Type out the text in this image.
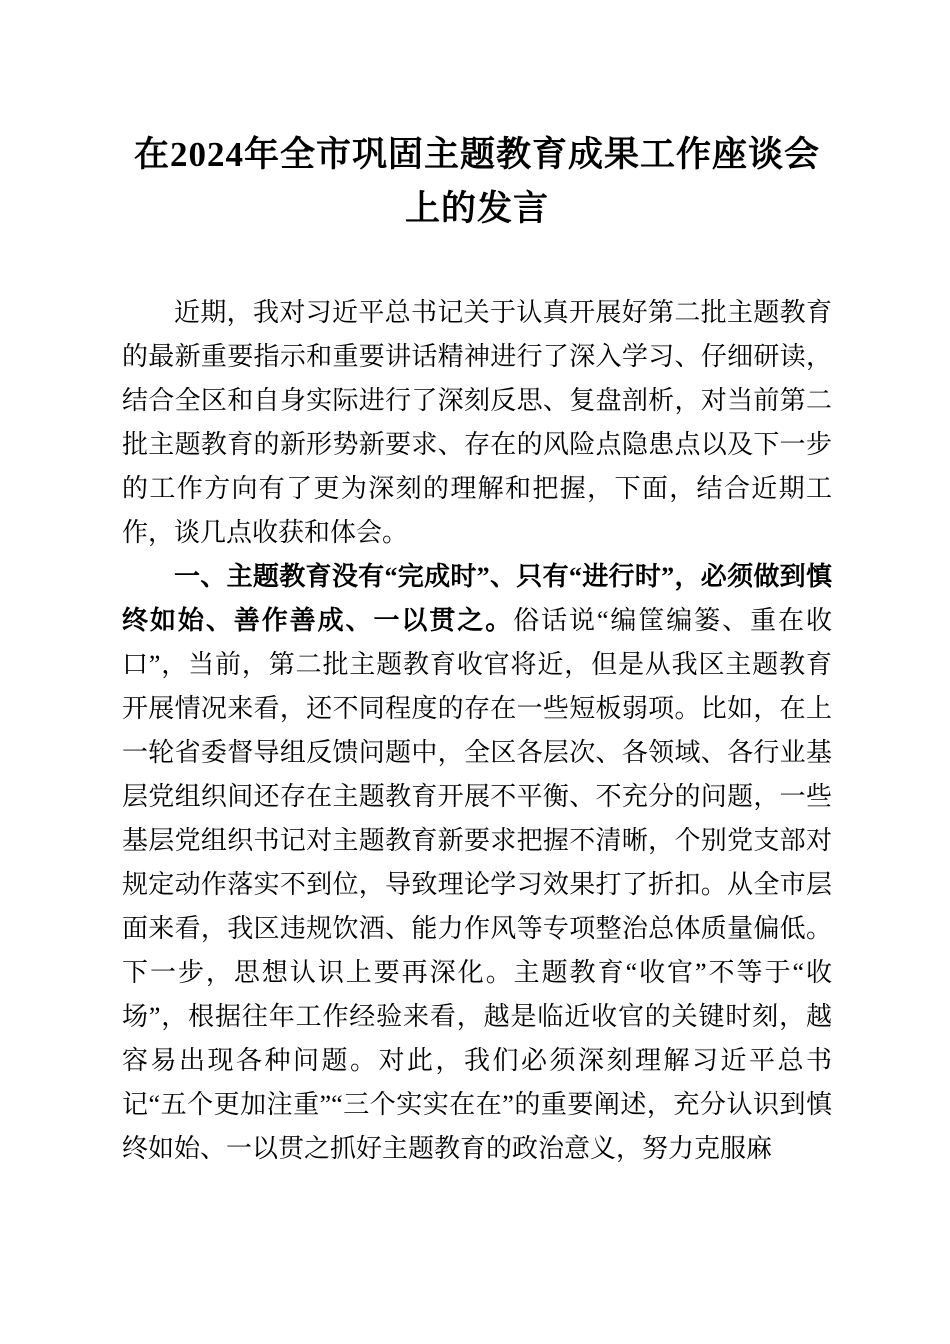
在2024年全市巩固主题教育成果工作座谈会上的发言

近期，我对习近平总书记关于认真开展好第二批主题教育的最新重要指示和重要讲话精神进行了深入学习、仔细研读，结合全区和自身实际进行了深刻反思、复盘剖析，对当前第二批主题教育的新形势新要求、存在的风险点隐患点以及下一步的工作方向有了更为深刻的理解和把握，下面，结合近期工作，谈几点收获和体会。

一、主题教育没有“完成时”、只有“进行时”，必须做到慎终如始、善作善成、一以贯之。俗话说“编筐编篓、重在收口”，当前，第二批主题教育收官将近，但是从我区主题教育开展情况来看，还不同程度的存在一些短板弱项。比如，在上一轮省委督导组反馈问题中，全区各层次、各领域、各行业基层党组织间还存在主题教育开展不平衡、不充分的问题，一些基层党组织书记对主题教育新要求把握不清晰，个别党支部对规定动作落实不到位，导致理论学习效果打了折扣。从全市层面来看，我区违规饮酒、能力作风等专项整治总体质量偏低。下一步，思想认识上要再深化。主题教育“收官”不等于“收场”，根据往年工作经验来看，越是临近收官的关键时刻，越容易出现各种问题。对此，我们必须深刻理解习近平总书记“五个更加注重”“三个实实在在”的重要阐述，充分认识到慎终如始、一以贯之抓好主题教育的政治意义，努力克服麻
